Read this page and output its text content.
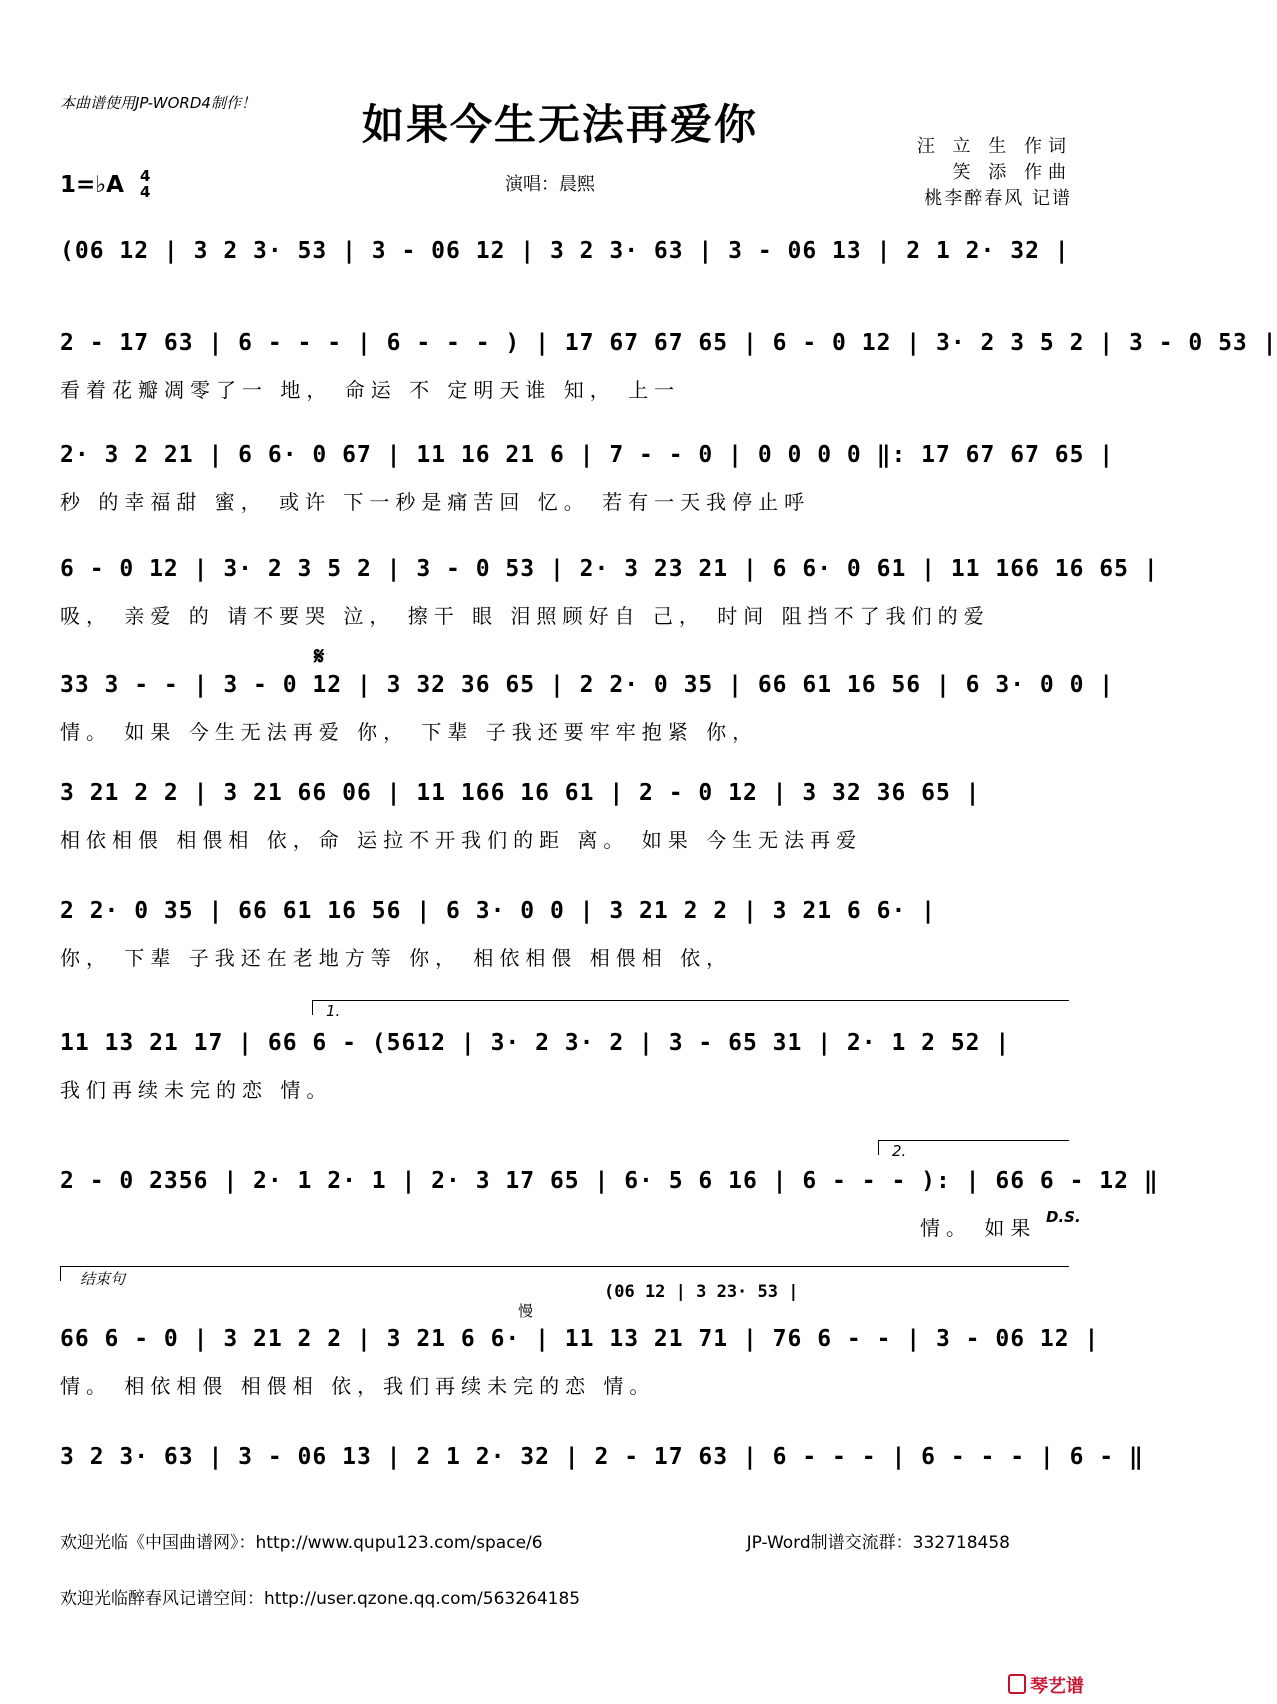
本曲谱使用JP-WORD4制作！	如果今生无法再爱你
演唱：晨熙
汪 立 生 作词
笑 添 作曲
桃李醉春风 记谱
1=♭A 4
4
(06 12 | 3 2 3· 53 | 3 - 06 12 | 3 2 3· 63 | 3 - 06 13 | 2 1 2· 32 |
2 - 17 63 | 6 - - - | 6 - - - ) | 17 67 67 65 | 6 - 0 12 | 3· 2 3 5 2 | 3 - 0 53 |
看着花瓣凋零了一 地， 命运 不 定明天谁 知， 上一
2· 3 2 21 | 6 6· 0 67 | 11 16 21 6 | 7 - - 0 | 0 0 0 0 ‖: 17 67 67 65 |
秒 的幸福甜 蜜， 或许 下一秒是痛苦回 忆。 若有一天我停止呼
6 - 0 12 | 3· 2 3 5 2 | 3 - 0 53 | 2· 3 23 21 | 6 6· 0 61 | 11 166 16 65 |
吸， 亲爱 的 请不要哭 泣， 擦干 眼 泪照顾好自 己， 时间 阻挡不了我们的爱
33 3 - - | 3 - 0 12 | 3 32 36 65 | 2 2· 0 35 | 66 61 16 56 | 6 3· 0 0 |
情。 如果 今生无法再爱 你， 下辈 子我还要牢牢抱紧 你，
𝄋
3 21 2 2 | 3 21 66 06 | 11 166 16 61 | 2 - 0 12 | 3 32 36 65 |
相依相偎 相偎相 依，命 运拉不开我们的距 离。 如果 今生无法再爱
2 2· 0 35 | 66 61 16 56 | 6 3· 0 0 | 3 21 2 2 | 3 21 6 6· |
你， 下辈 子我还在老地方等 你， 相依相偎 相偎相 依，
1.
11 13 21 17 | 66 6 - (5612 | 3· 2 3· 2 | 3 - 65 31 | 2· 1 2 52 |
我们再续未完的恋 情。
2.
2 - 0 2356 | 2· 1 2· 1 | 2· 3 17 65 | 6· 5 6 16 | 6 - - - ): | 66 6 - 12 ‖
情。 如果 D.S.
结束句
慢
(06 12 | 3 23· 53 |
66 6 - 0 | 3 21 2 2 | 3 21 6 6· | 11 13 21 71 | 76 6 - - | 3 - 06 12 |
情。 相依相偎 相偎相 依，我们再续未完的恋 情。
3 2 3· 63 | 3 - 06 13 | 2 1 2· 32 | 2 - 17 63 | 6 - - - | 6 - - - | 6 - ‖
欢迎光临《中国曲谱网》：http://www.qupu123.com/space/6	JP-Word制谱交流群：332718458
欢迎光临醉春风记谱空间：http://user.qzone.qq.com/563264185
琴艺谱
